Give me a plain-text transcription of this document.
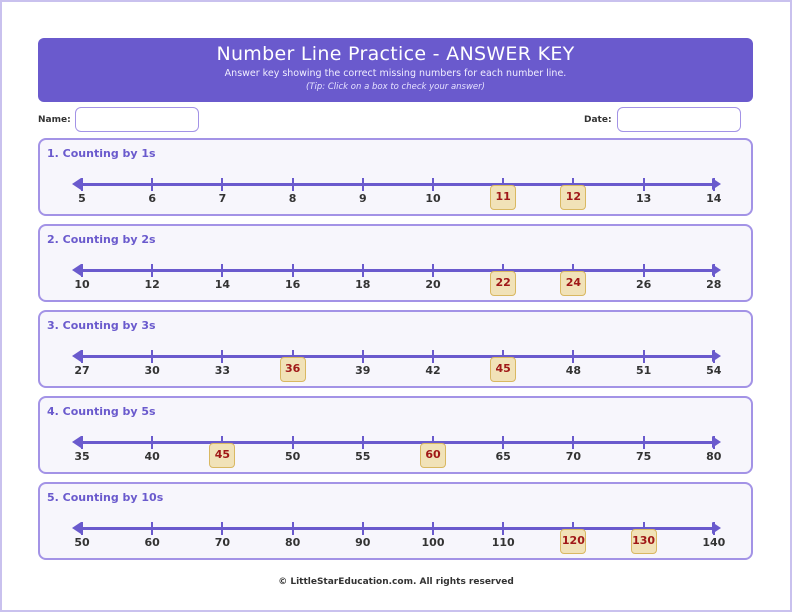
Number Line Practice - ANSWER KEY
Answer key showing the correct missing numbers for each number line.
(Tip: Click on a box to check your answer)
Name:	Date:
1. Counting by 1s
5	6	7	8	9	10	11	12	13	14
2. Counting by 2s
10	12	14	16	18	20	22	24	26	28
3. Counting by 3s
27	30	33	36	39	42	45	48	51	54
4. Counting by 5s
35	40	45	50	55	60	65	70	75	80
5. Counting by 10s
50	60	70	80	90	100	110	120	130	140
© LittleStarEducation.com. All rights reserved
